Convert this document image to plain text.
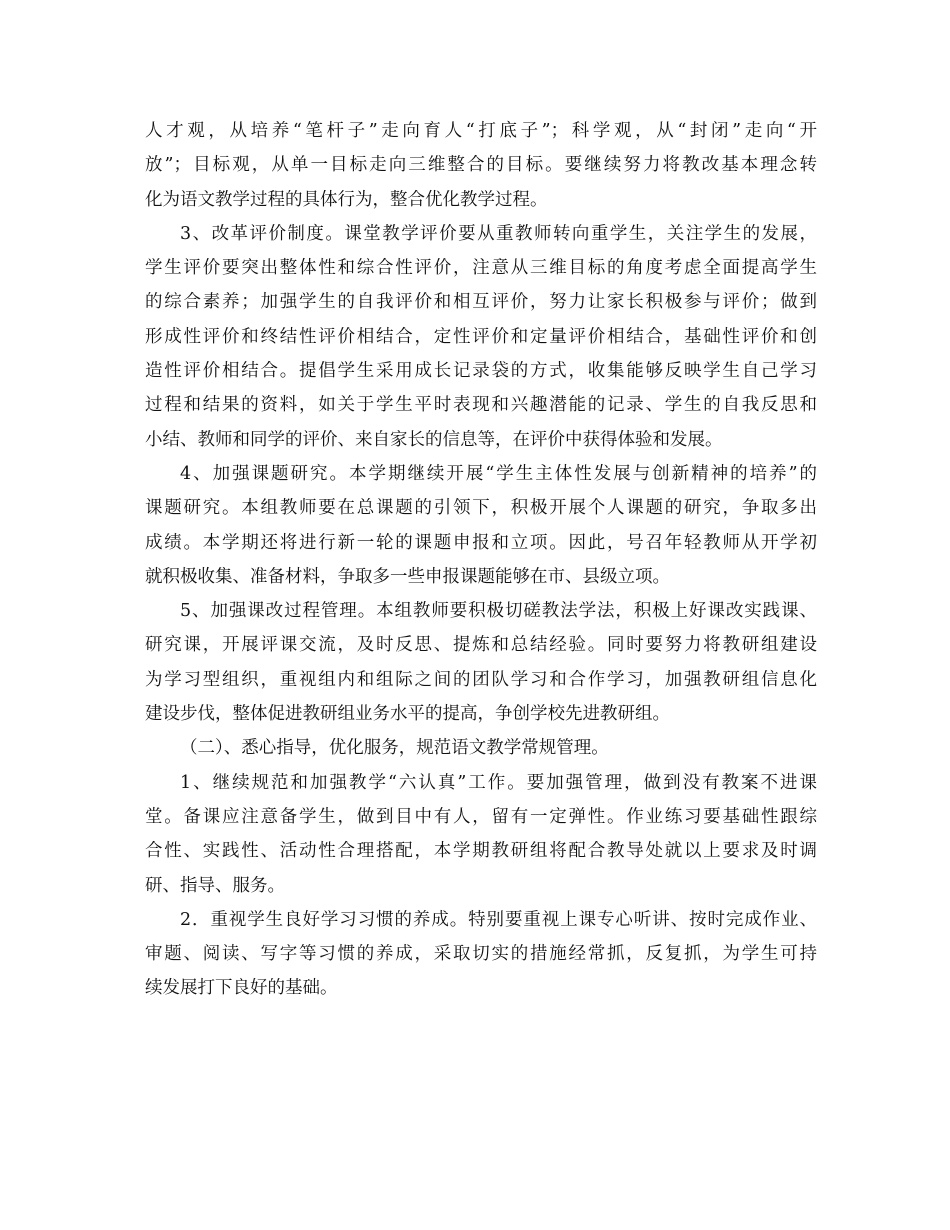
人才观，从培养“笔杆子”走向育人“打底子”；科学观，从“封闭”走向“开
放”；目标观，从单一目标走向三维整合的目标。要继续努力将教改基本理念转
化为语文教学过程的具体行为，整合优化教学过程。
3、改革评价制度。课堂教学评价要从重教师转向重学生，关注学生的发展，
学生评价要突出整体性和综合性评价，注意从三维目标的角度考虑全面提高学生
的综合素养；加强学生的自我评价和相互评价，努力让家长积极参与评价；做到
形成性评价和终结性评价相结合，定性评价和定量评价相结合，基础性评价和创
造性评价相结合。提倡学生采用成长记录袋的方式，收集能够反映学生自己学习
过程和结果的资料，如关于学生平时表现和兴趣潜能的记录、学生的自我反思和
小结、教师和同学的评价、来自家长的信息等，在评价中获得体验和发展。
4、加强课题研究。本学期继续开展“学生主体性发展与创新精神的培养”的
课题研究。本组教师要在总课题的引领下，积极开展个人课题的研究，争取多出
成绩。本学期还将进行新一轮的课题申报和立项。因此，号召年轻教师从开学初
就积极收集、准备材料，争取多一些申报课题能够在市、县级立项。
5、加强课改过程管理。本组教师要积极切磋教法学法，积极上好课改实践课、
研究课，开展评课交流，及时反思、提炼和总结经验。同时要努力将教研组建设
为学习型组织，重视组内和组际之间的团队学习和合作学习，加强教研组信息化
建设步伐，整体促进教研组业务水平的提高，争创学校先进教研组。
（二）、悉心指导，优化服务，规范语文教学常规管理。
1、继续规范和加强教学“六认真”工作。要加强管理，做到没有教案不进课
堂。备课应注意备学生，做到目中有人，留有一定弹性。作业练习要基础性跟综
合性、实践性、活动性合理搭配，本学期教研组将配合教导处就以上要求及时调
研、指导、服务。
2．重视学生良好学习习惯的养成。特别要重视上课专心听讲、按时完成作业、
审题、阅读、写字等习惯的养成，采取切实的措施经常抓，反复抓，为学生可持
续发展打下良好的基础。
